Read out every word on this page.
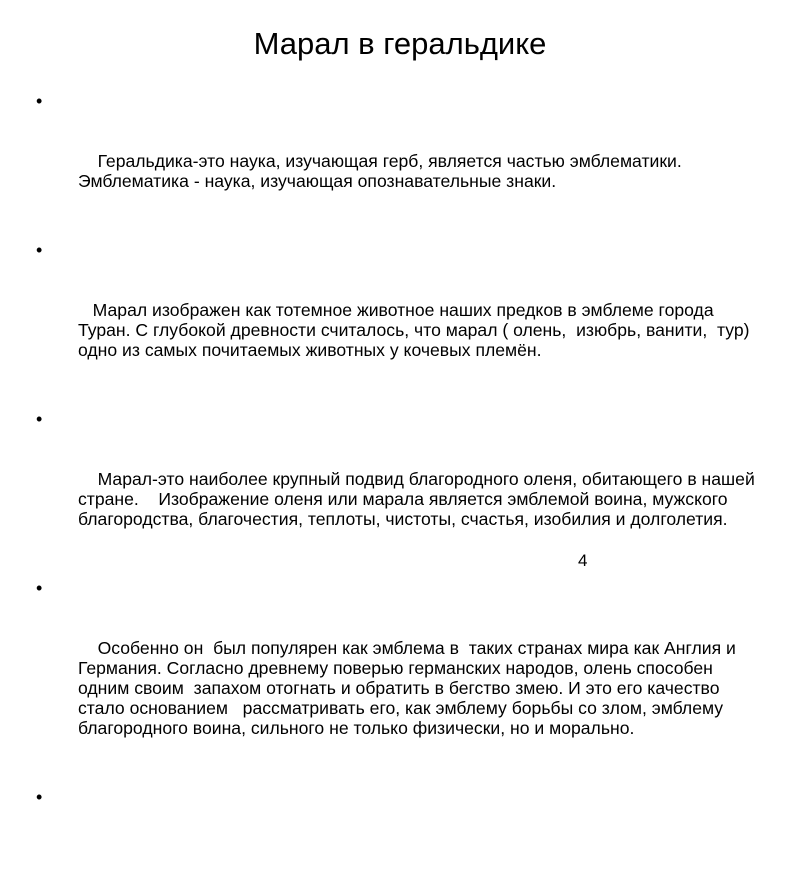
Марал в геральдике

•

Геральдика-это наука, изучающая герб, является частью эмблематики.  Эмблематика - наука, изучающая опознавательные знаки.

•

Марал изображен как тотемное животное наших предков в эмблеме города Туран. С глубокой древности считалось, что марал ( олень,  изюбрь, ванити,  тур)   одно из самых почитаемых животных у кочевых племён.

•

Марал-это наиболее крупный подвид благородного оленя, обитающего в нашей стране.    Изображение оленя или марала является эмблемой воина, мужского благородства, благочестия, теплоты, чистоты, счастья, изобилия и долголетия.

•

Особенно он  был популярен как эмблема в  таких странах мира как Англия и Германия. Согласно древнему поверью германских народов, олень способен одним своим  запахом отогнать и обратить в бегство змею. И это его качество стало основанием   рассматривать его, как эмблему борьбы со злом, эмблему благородного воина, сильного не только физически, но и морально.

•

4
